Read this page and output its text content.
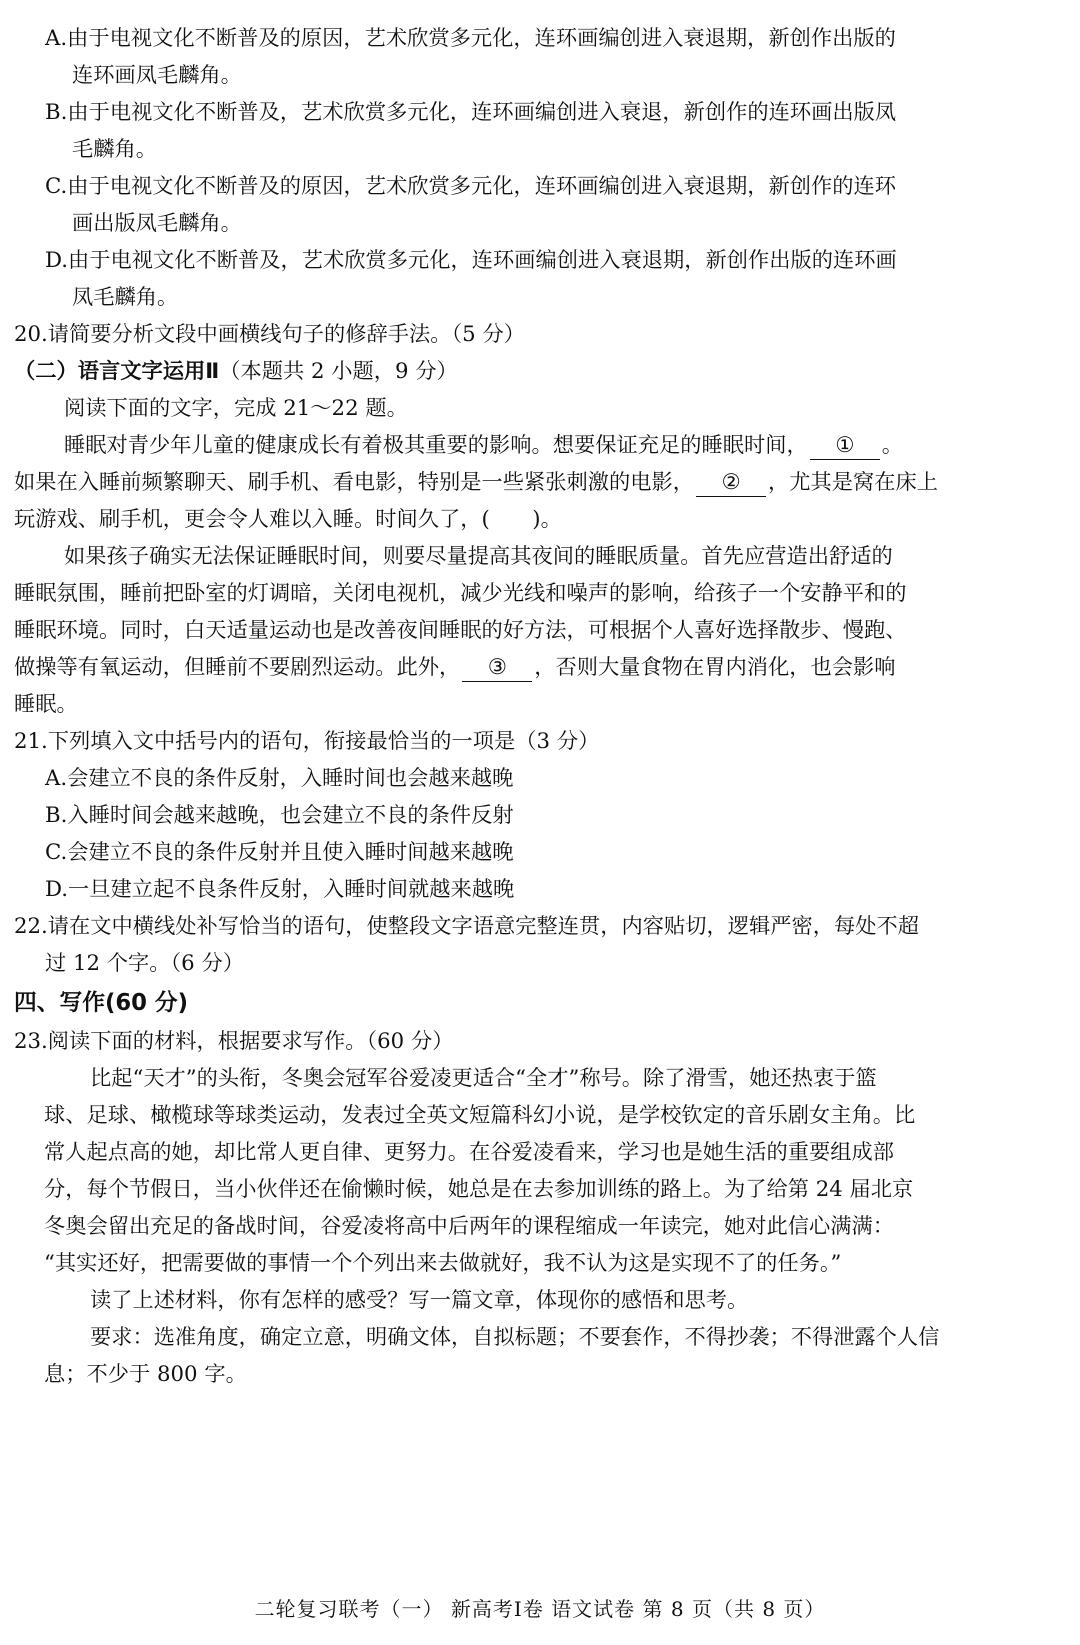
A.由于电视文化不断普及的原因，艺术欣赏多元化，连环画编创进入衰退期，新创作出版的
连环画凤毛麟角。
B.由于电视文化不断普及，艺术欣赏多元化，连环画编创进入衰退，新创作的连环画出版凤
毛麟角。
C.由于电视文化不断普及的原因，艺术欣赏多元化，连环画编创进入衰退期，新创作的连环
画出版凤毛麟角。
D.由于电视文化不断普及，艺术欣赏多元化，连环画编创进入衰退期，新创作出版的连环画
凤毛麟角。
20.请简要分析文段中画横线句子的修辞手法。（5 分）
（二）语言文字运用Ⅱ（本题共 2 小题，9 分）
阅读下面的文字，完成 21～22 题。
睡眠对青少年儿童的健康成长有着极其重要的影响。想要保证充足的睡眠时间， ① 。
如果在入睡前频繁聊天、刷手机、看电影，特别是一些紧张刺激的电影， ② ，尤其是窝在床上
玩游戏、刷手机，更会令人难以入睡。时间久了，(　　)。
如果孩子确实无法保证睡眠时间，则要尽量提高其夜间的睡眠质量。首先应营造出舒适的
睡眠氛围，睡前把卧室的灯调暗，关闭电视机，减少光线和噪声的影响，给孩子一个安静平和的
睡眠环境。同时，白天适量运动也是改善夜间睡眠的好方法，可根据个人喜好选择散步、慢跑、
做操等有氧运动，但睡前不要剧烈运动。此外， ③ ，否则大量食物在胃内消化，也会影响
睡眠。
21.下列填入文中括号内的语句，衔接最恰当的一项是（3 分）
A.会建立不良的条件反射，入睡时间也会越来越晚
B.入睡时间会越来越晚，也会建立不良的条件反射
C.会建立不良的条件反射并且使入睡时间越来越晚
D.一旦建立起不良条件反射，入睡时间就越来越晚
22.请在文中横线处补写恰当的语句，使整段文字语意完整连贯，内容贴切，逻辑严密，每处不超
过 12 个字。（6 分）
四、写作(60 分)
23.阅读下面的材料，根据要求写作。（60 分）
比起“天才”的头衔，冬奥会冠军谷爱凌更适合“全才”称号。除了滑雪，她还热衷于篮
球、足球、橄榄球等球类运动，发表过全英文短篇科幻小说，是学校钦定的音乐剧女主角。比
常人起点高的她，却比常人更自律、更努力。在谷爱凌看来，学习也是她生活的重要组成部
分，每个节假日，当小伙伴还在偷懒时候，她总是在去参加训练的路上。为了给第 24 届北京
冬奥会留出充足的备战时间，谷爱凌将高中后两年的课程缩成一年读完，她对此信心满满：
“其实还好，把需要做的事情一个个列出来去做就好，我不认为这是实现不了的任务。”
读了上述材料，你有怎样的感受？写一篇文章，体现你的感悟和思考。
要求：选准角度，确定立意，明确文体，自拟标题；不要套作，不得抄袭；不得泄露个人信
息；不少于 800 字。
二轮复习联考（一） 新高考Ⅰ卷 语文试卷 第 8 页（共 8 页）
